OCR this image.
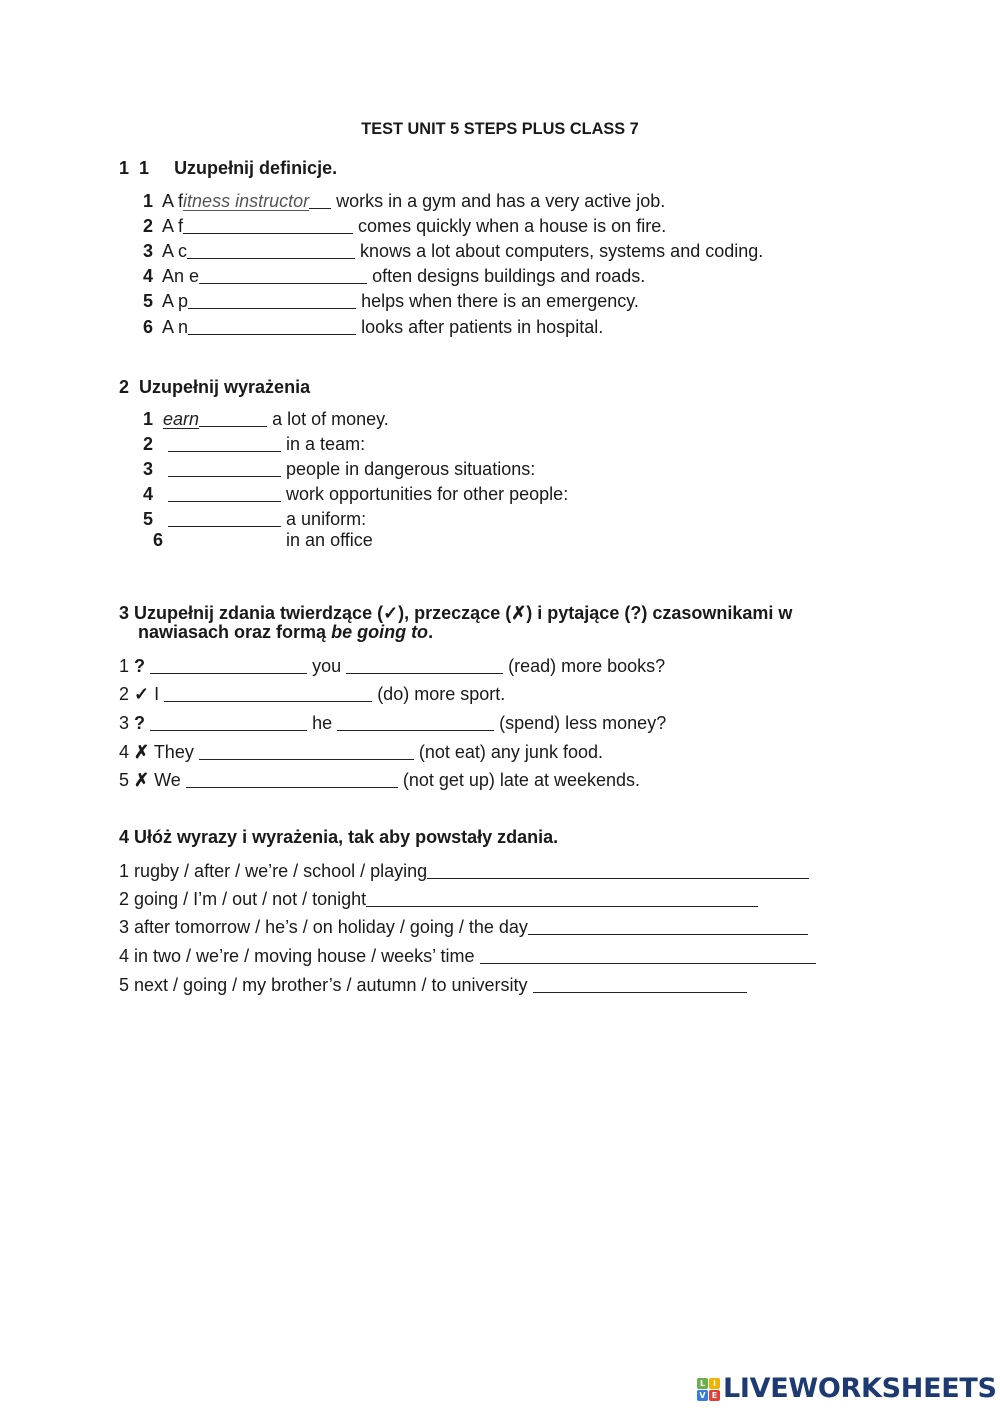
TEST UNIT 5 STEPS PLUS CLASS 7
1 1 Uzupełnij definicje.
1 A fitness instructor works in a gym and has a very active job.
2 A f	comes quickly when a house is on fire.
3 A c	knows a lot about computers, systems and coding.
4 An e	often designs buildings and roads.
5 A p	helps when there is an emergency.
6 A n	looks after patients in hospital.
2 Uzupełnij wyrażenia
1 earn	a lot of money.
2	in a team:
3	people in dangerous situations:
4	work opportunities for other people:
5	a uniform:
6	in an office
3 Uzupełnij zdania twierdzące (✓), przeczące (✗) i pytające (?) czasownikami w
nawiasach oraz formą be going to.
1 ?	you	(read) more books?
2 ✓ I	(do) more sport.
3 ?	he	(spend) less money?
4 ✗ They	(not eat) any junk food.
5 ✗ We	(not get up) late at weekends.
4 Ułóż wyrazy i wyrażenia, tak aby powstały zdania.
1 rugby / after / we’re / school / playing
2 going / I’m / out / not / tonight
3 after tomorrow / he’s / on holiday / going / the day
4 in two / we’re / moving house / weeks’ time
5 next / going / my brother’s / autumn / to university
L I
V E LIVEWORKSHEETS
